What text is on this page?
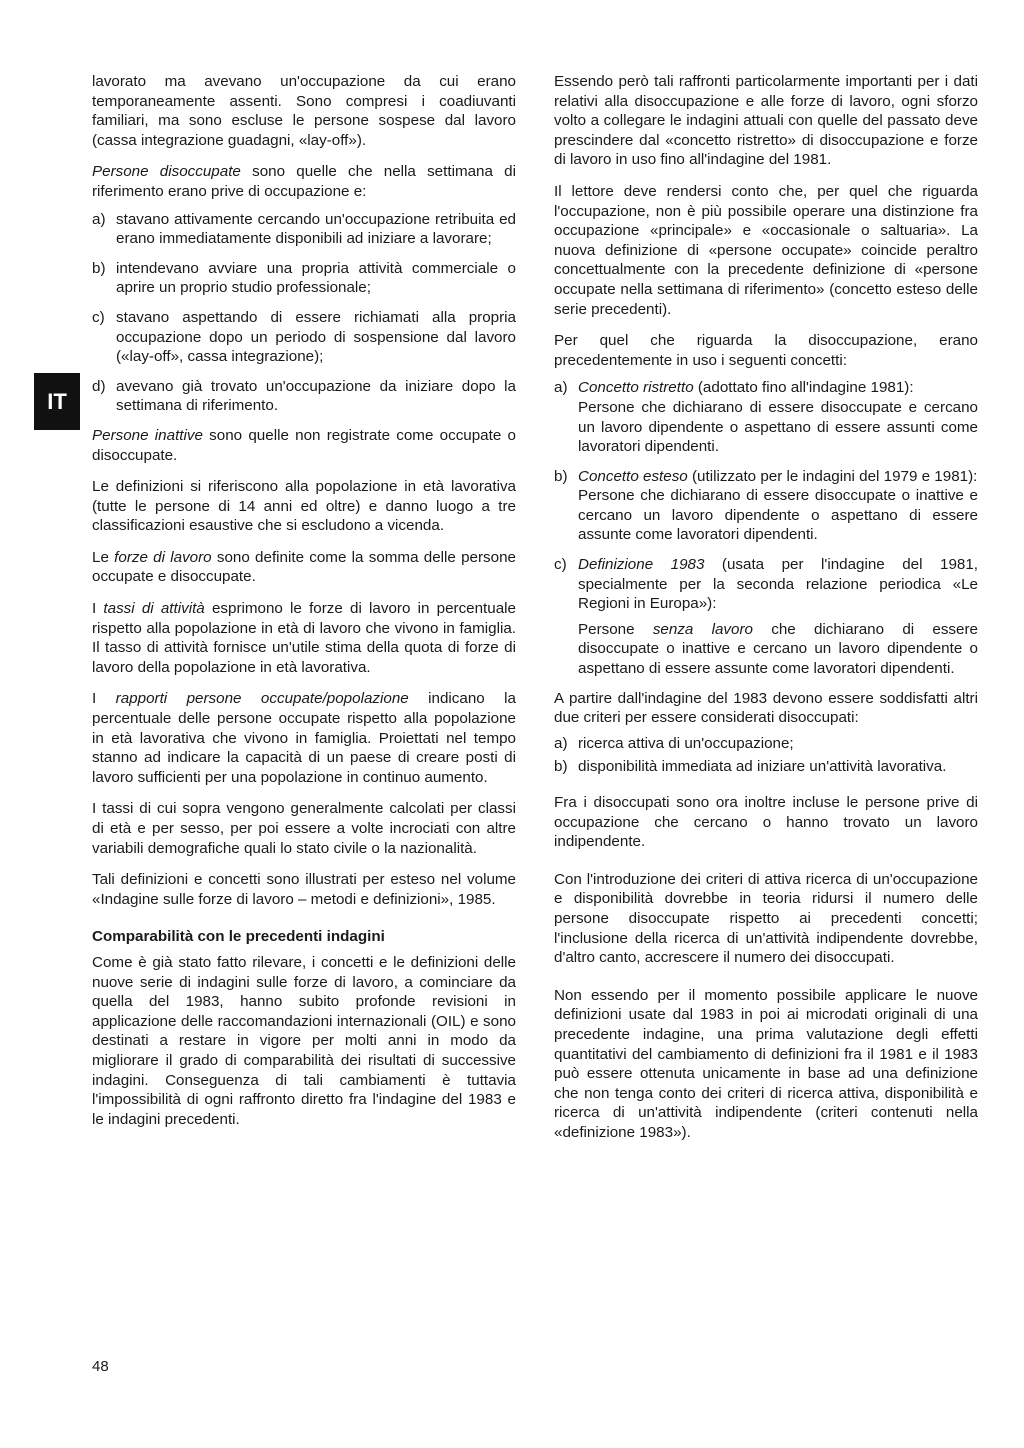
IT

lavorato ma avevano un'occupazione da cui erano temporaneamente assenti. Sono compresi i coadiuvanti familiari, ma sono escluse le persone sospese dal lavoro (cassa integrazione guadagni, «lay-off»).

Persone disoccupate sono quelle che nella settimana di riferimento erano prive di occupazione e:

a) stavano attivamente cercando un'occupazione retribuita ed erano immediatamente disponibili ad iniziare a lavorare;
b) intendevano avviare una propria attività commerciale o aprire un proprio studio professionale;
c) stavano aspettando di essere richiamati alla propria occupazione dopo un periodo di sospensione dal lavoro («lay-off», cassa integrazione);
d) avevano già trovato un'occupazione da iniziare dopo la settimana di riferimento.

Persone inattive sono quelle non registrate come occupate o disoccupate.

Le definizioni si riferiscono alla popolazione in età lavorativa (tutte le persone di 14 anni ed oltre) e danno luogo a tre classificazioni esaustive che si escludono a vicenda.

Le forze di lavoro sono definite come la somma delle persone occupate e disoccupate.

I tassi di attività esprimono le forze di lavoro in percentuale rispetto alla popolazione in età di lavoro che vivono in famiglia. Il tasso di attività fornisce un'utile stima della quota di forze di lavoro della popolazione in età lavorativa.

I rapporti persone occupate/popolazione indicano la percentuale delle persone occupate rispetto alla popolazione in età lavorativa che vivono in famiglia. Proiettati nel tempo stanno ad indicare la capacità di un paese di creare posti di lavoro sufficienti per una popolazione in continuo aumento.

I tassi di cui sopra vengono generalmente calcolati per classi di età e per sesso, per poi essere a volte incrociati con altre variabili demografiche quali lo stato civile o la nazionalità.

Tali definizioni e concetti sono illustrati per esteso nel volume «Indagine sulle forze di lavoro – metodi e definizioni», 1985.

Comparabilità con le precedenti indagini

Come è già stato fatto rilevare, i concetti e le definizioni delle nuove serie di indagini sulle forze di lavoro, a cominciare da quella del 1983, hanno subito profonde revisioni in applicazione delle raccomandazioni internazionali (OIL) e sono destinati a restare in vigore per molti anni in modo da migliorare il grado di comparabilità dei risultati di successive indagini. Conseguenza di tali cambiamenti è tuttavia l'impossibilità di ogni raffronto diretto fra l'indagine del 1983 e le indagini precedenti.

Essendo però tali raffronti particolarmente importanti per i dati relativi alla disoccupazione e alle forze di lavoro, ogni sforzo volto a collegare le indagini attuali con quelle del passato deve prescindere dal «concetto ristretto» di disoccupazione e forze di lavoro in uso fino all'indagine del 1981.

Il lettore deve rendersi conto che, per quel che riguarda l'occupazione, non è più possibile operare una distinzione fra occupazione «principale» e «occasionale o saltuaria». La nuova definizione di «persone occupate» coincide peraltro concettualmente con la precedente definizione di «persone occupate nella settimana di riferimento» (concetto esteso delle serie precedenti).

Per quel che riguarda la disoccupazione, erano precedentemente in uso i seguenti concetti:

a) Concetto ristretto (adottato fino all'indagine 1981):
Persone che dichiarano di essere disoccupate e cercano un lavoro dipendente o aspettano di essere assunti come lavoratori dipendenti.
b) Concetto esteso (utilizzato per le indagini del 1979 e 1981):
Persone che dichiarano di essere disoccupate o inattive e cercano un lavoro dipendente o aspettano di essere assunte come lavoratori dipendenti.
c) Definizione 1983 (usata per l'indagine del 1981, specialmente per la seconda relazione periodica «Le Regioni in Europa»):
Persone senza lavoro che dichiarano di essere disoccupate o inattive e cercano un lavoro dipendente o aspettano di essere assunte come lavoratori dipendenti.

A partire dall'indagine del 1983 devono essere soddisfatti altri due criteri per essere considerati disoccupati:

a) ricerca attiva di un'occupazione;
b) disponibilità immediata ad iniziare un'attività lavorativa.

Fra i disoccupati sono ora inoltre incluse le persone prive di occupazione che cercano o hanno trovato un lavoro indipendente.

Con l'introduzione dei criteri di attiva ricerca di un'occupazione e disponibilità dovrebbe in teoria ridursi il numero delle persone disoccupate rispetto ai precedenti concetti; l'inclusione della ricerca di un'attività indipendente dovrebbe, d'altro canto, accrescere il numero dei disoccupati.

Non essendo per il momento possibile applicare le nuove definizioni usate dal 1983 in poi ai microdati originali di una precedente indagine, una prima valutazione degli effetti quantitativi del cambiamento di definizioni fra il 1981 e il 1983 può essere ottenuta unicamente in base ad una definizione che non tenga conto dei criteri di ricerca attiva, disponibilità e ricerca di un'attività indipendente (criteri contenuti nella «definizione 1983»).

48
